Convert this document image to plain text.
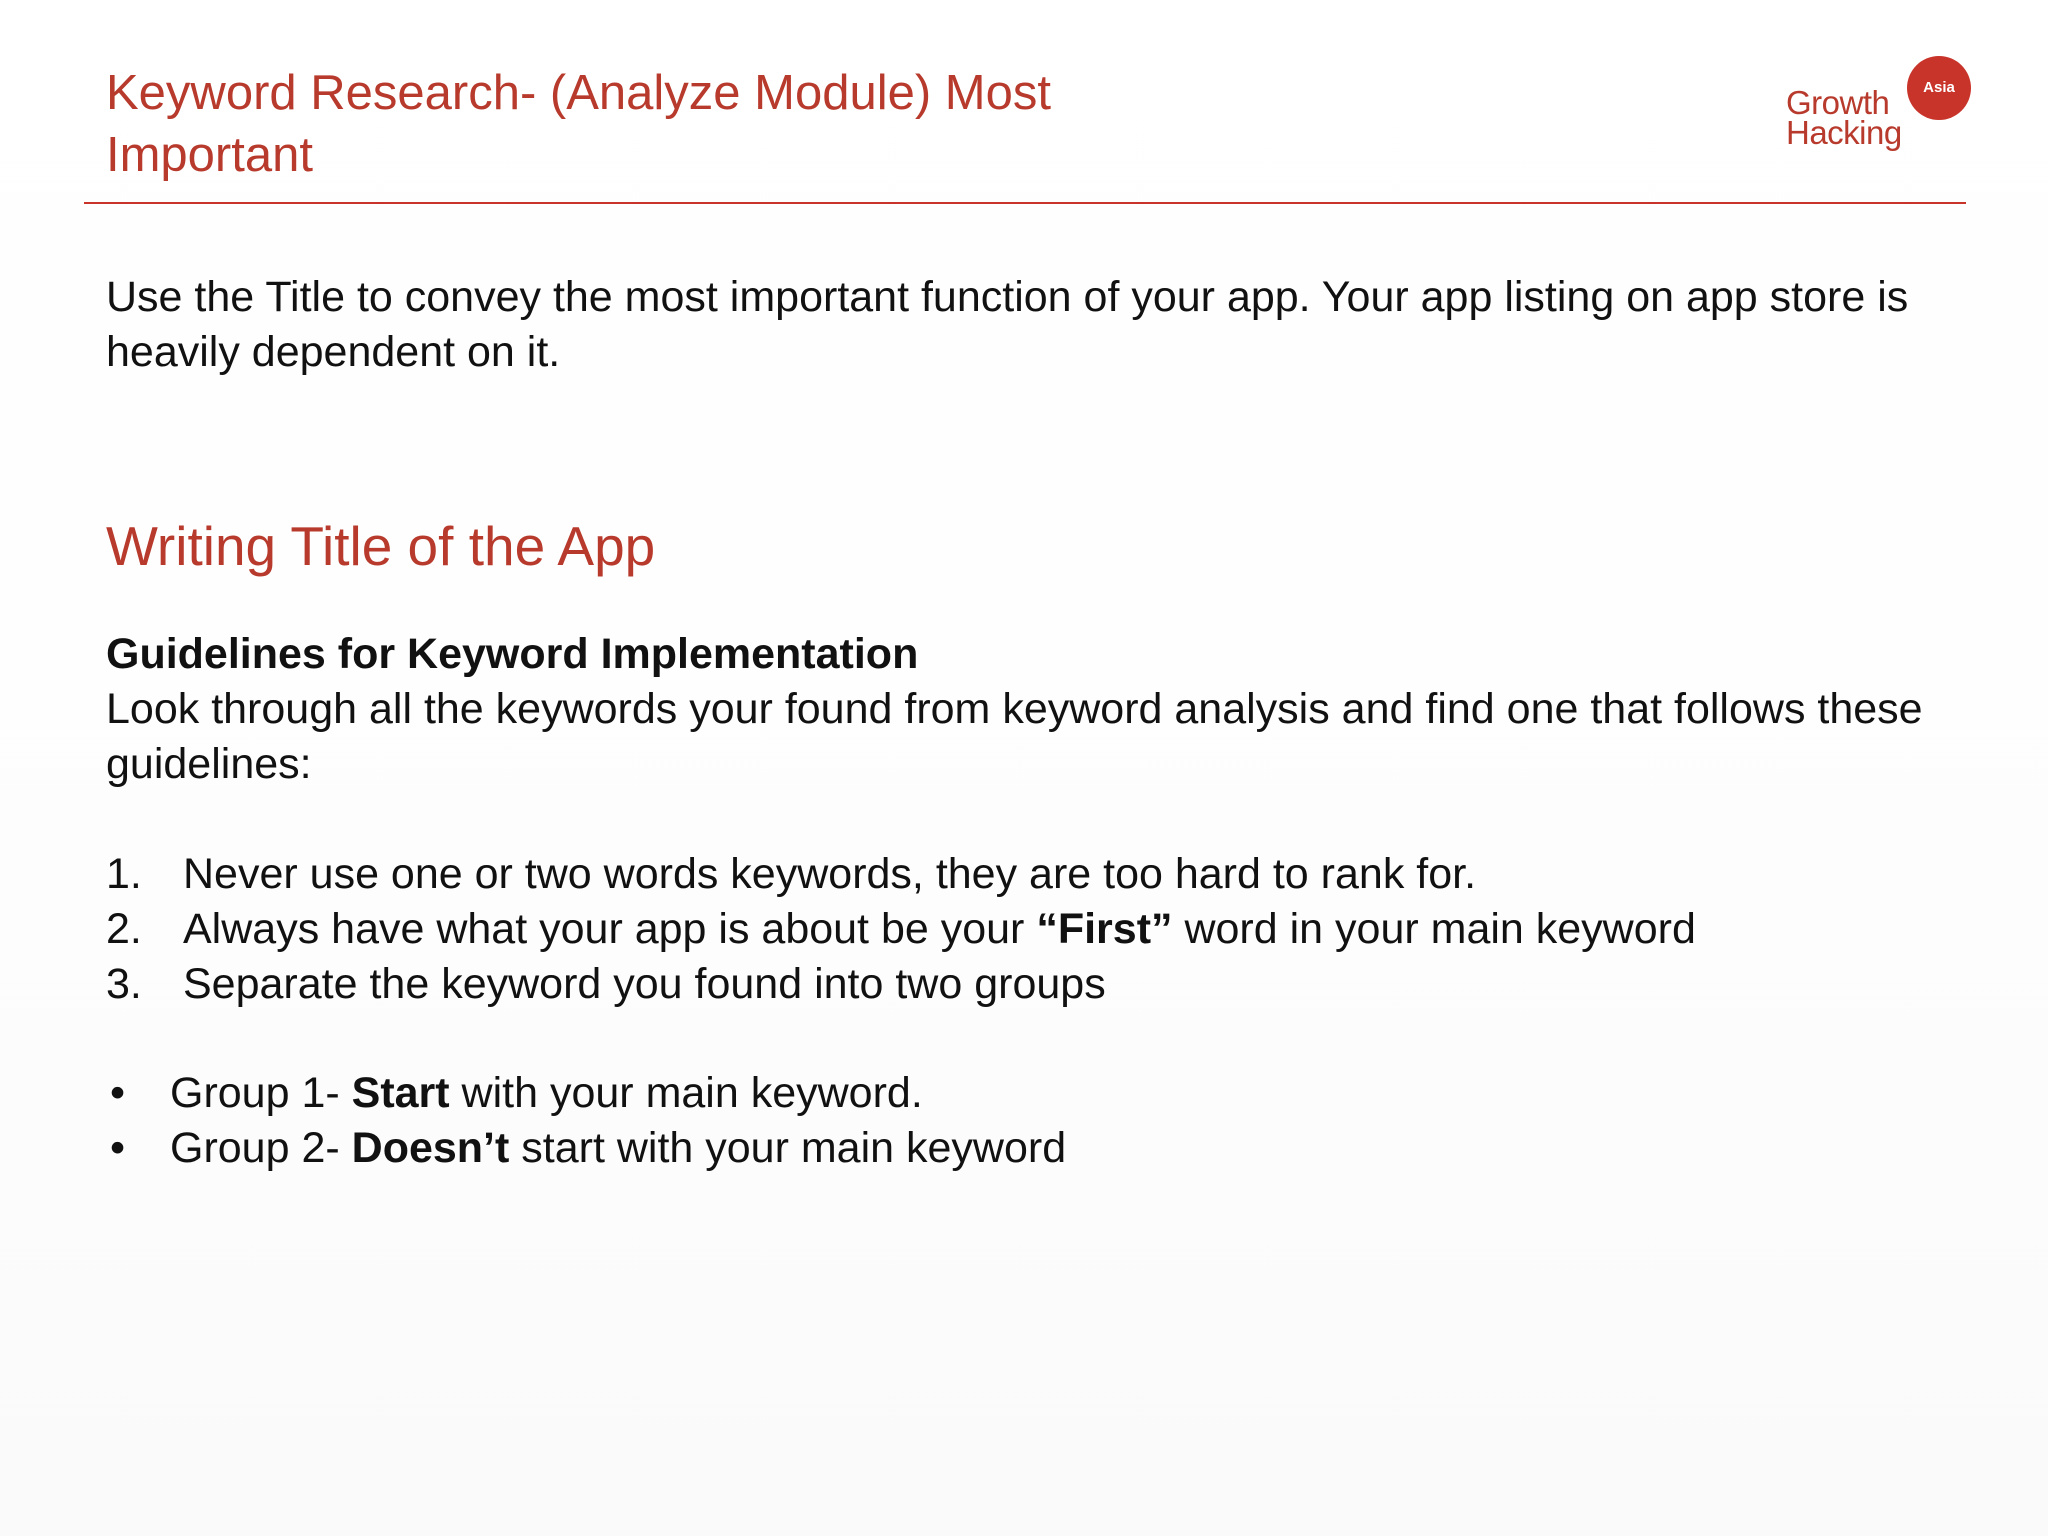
Keyword Research- (Analyze Module) Most Important
Asia
Growth
Hacking

Use the Title to convey the most important function of your app. Your app listing on app store is heavily dependent on it.

Writing Title of the App

Guidelines for Keyword Implementation

Look through all the keywords your found from keyword analysis and find one that follows these guidelines:

1. Never use one or two words keywords, they are too hard to rank for.
2. Always have what your app is about be your “First” word in your main keyword
3. Separate the keyword you found into two groups
• Group 1- Start with your main keyword.
• Group 2- Doesn’t start with your main keyword
